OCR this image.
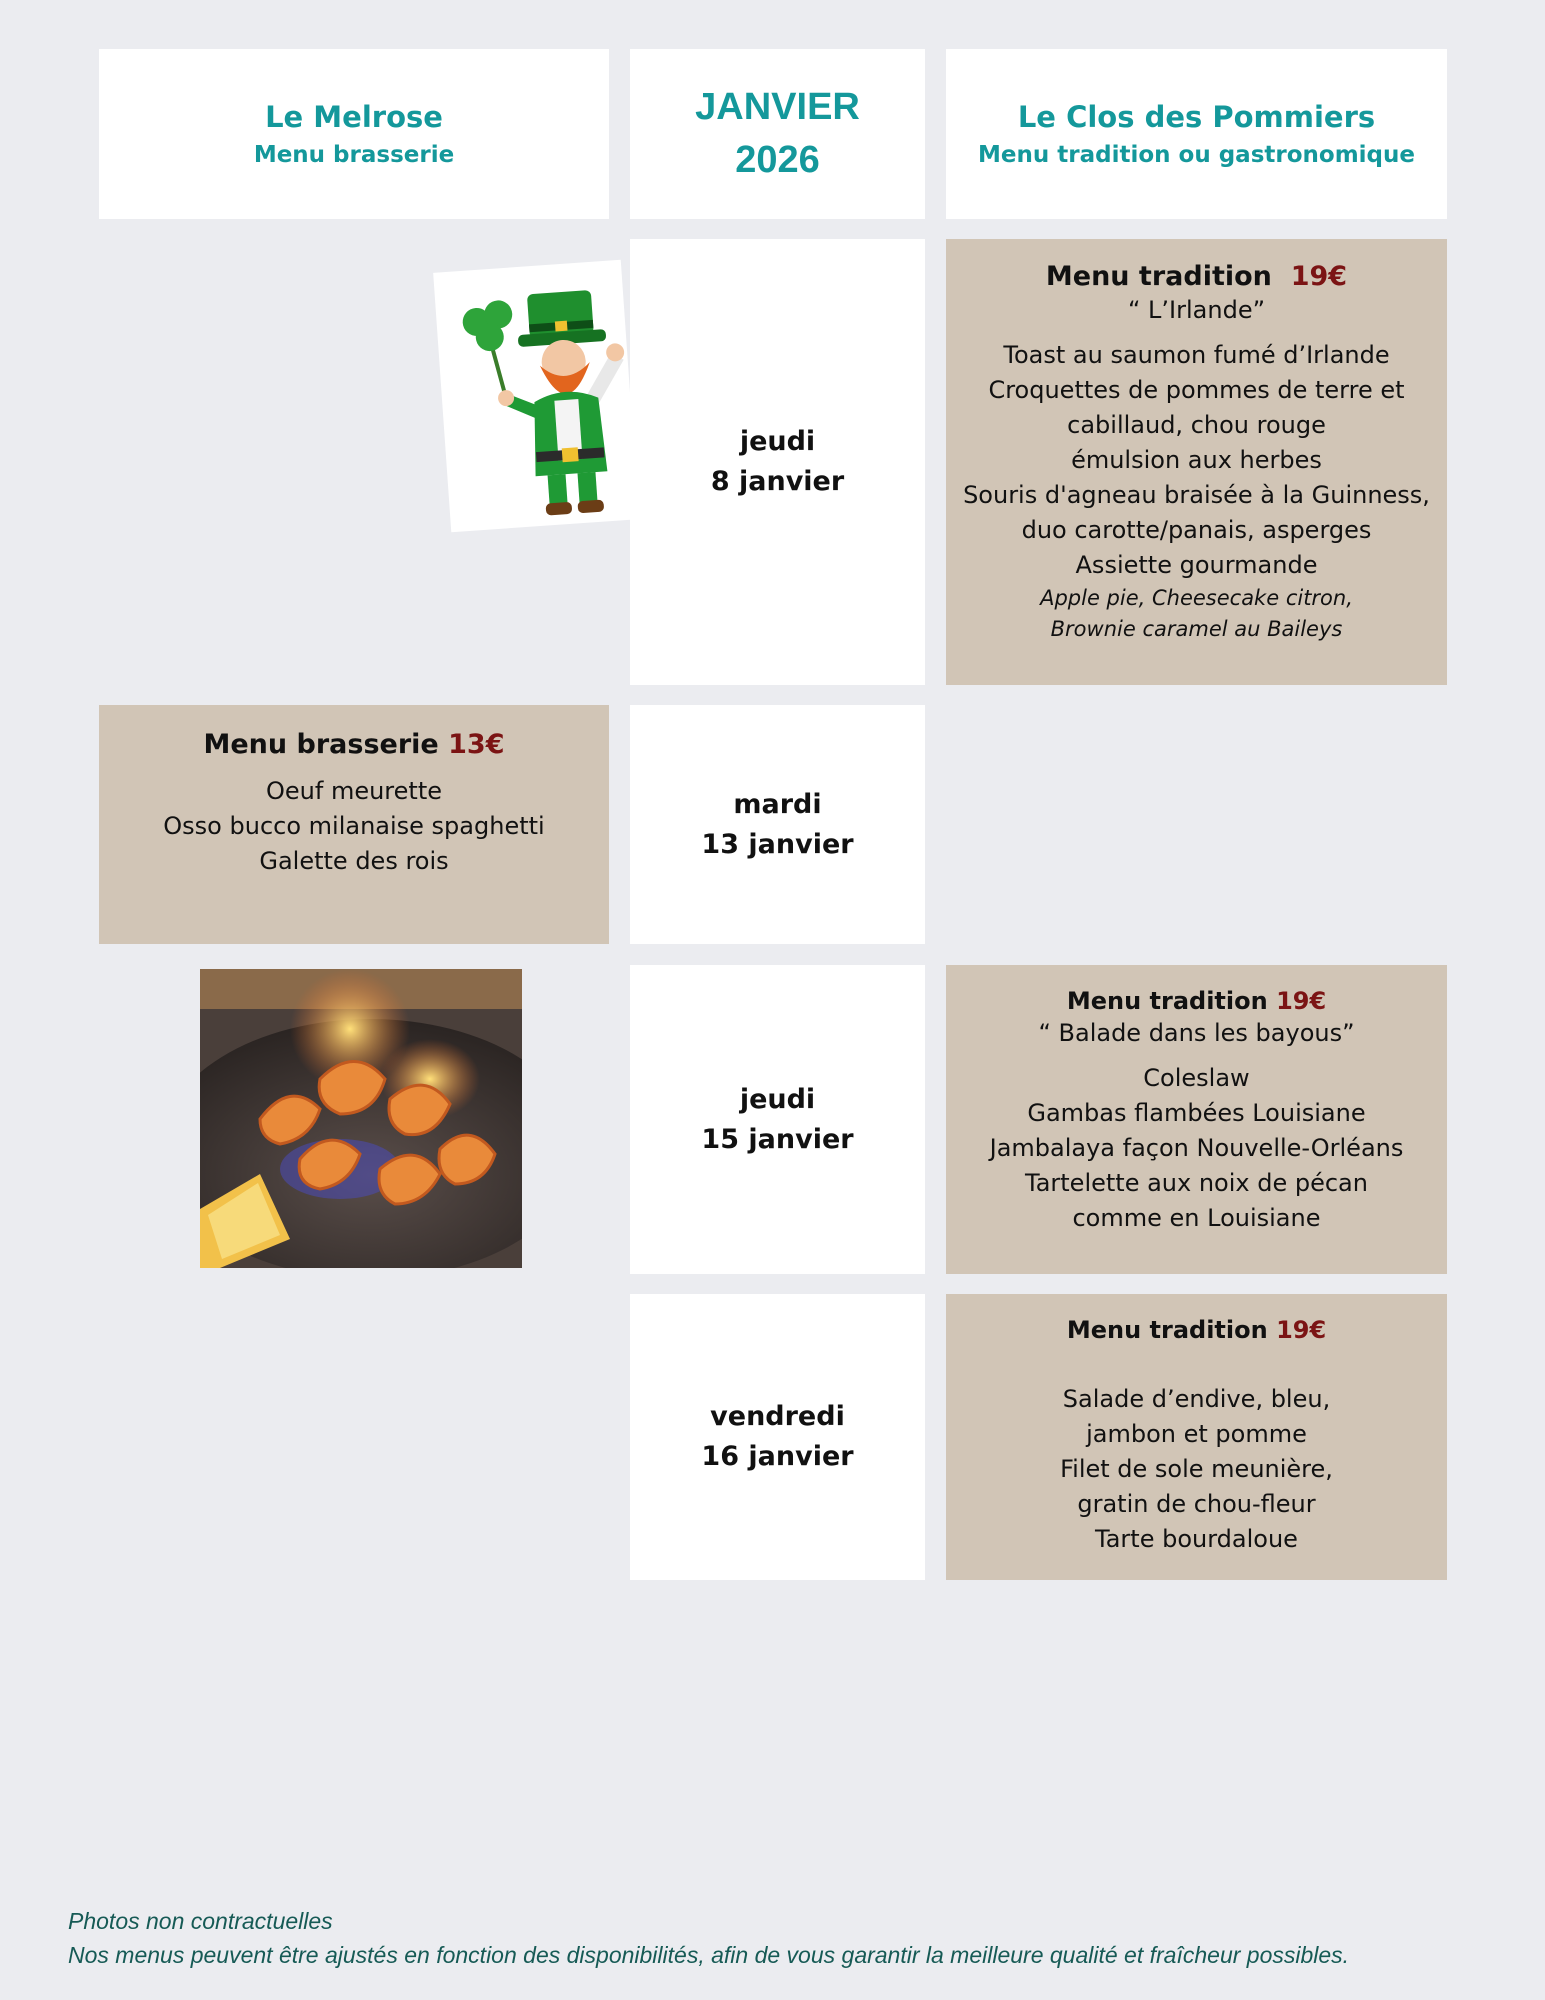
Le Melrose
Menu brasserie
JANVIER
2026
Le Clos des Pommiers
Menu tradition ou gastronomique
jeudi
8 janvier
Menu tradition 19€
“ L’Irlande”
Toast au saumon fumé d’Irlande
Croquettes de pommes de terre et
cabillaud, chou rouge
émulsion aux herbes
Souris d'agneau braisée à la Guinness,
duo carotte/panais, asperges
Assiette gourmande
Apple pie, Cheesecake citron,
Brownie caramel au Baileys
Menu brasserie 13€
Oeuf meurette
Osso bucco milanaise spaghetti
Galette des rois
mardi
13 janvier
jeudi
15 janvier
Menu tradition 19€
“ Balade dans les bayous”
Coleslaw
Gambas flambées Louisiane
Jambalaya façon Nouvelle-Orléans
Tartelette aux noix de pécan
comme en Louisiane
vendredi
16 janvier
Menu tradition 19€
Salade d’endive, bleu,
jambon et pomme
Filet de sole meunière,
gratin de chou-fleur
Tarte bourdaloue
Photos non contractuelles
Nos menus peuvent être ajustés en fonction des disponibilités, afin de vous garantir la meilleure qualité et fraîcheur possibles.
